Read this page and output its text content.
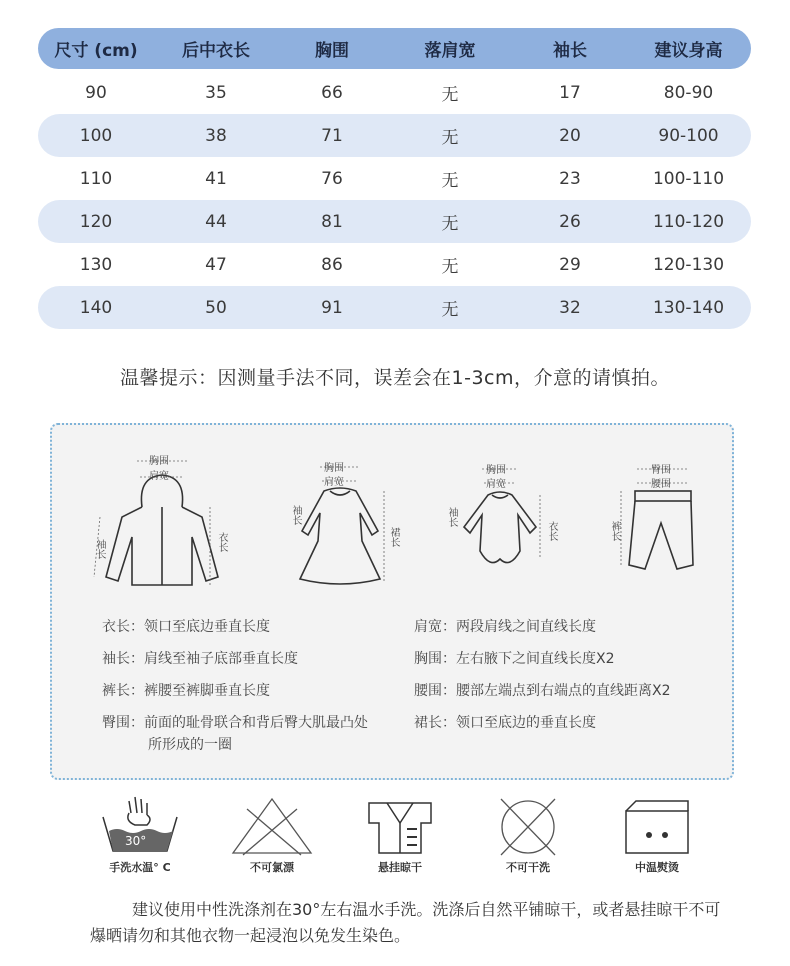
尺寸 (cm)	后中衣长	胸围	落肩宽	袖长	建议身高
90	35	66	无	17	80-90
100	38	71	无	20	90-100
110	41	76	无	23	100-110
120	44	81	无	26	110-120
130	47	86	无	29	120-130
140	50	91	无	32	130-140
温馨提示：因测量手法不同，误差会在1-3cm，介意的请慎拍。
胸围
肩宽
袖长	衣长
胸围
肩宽
袖长
裙长
胸围
肩宽
袖长
衣长
臀围
腰围
裤长
衣长：领口至底边垂直长度
袖长：肩线至袖子底部垂直长度
裤长：裤腰至裤脚垂直长度
臀围：前面的耻骨联合和背后臀大肌最凸处
所形成的一圈
肩宽：两段肩线之间直线长度
胸围：左右腋下之间直线长度X2
腰围：腰部左端点到右端点的直线距离X2
裙长：领口至底边的垂直长度
30°
手洗水温° C	不可氯漂	悬挂晾干	不可干洗	中温熨烫
建议使用中性洗涤剂在30°左右温水手洗。洗涤后自然平铺晾干，或者悬挂晾干不可爆晒请勿和其他衣物一起浸泡以免发生染色。
